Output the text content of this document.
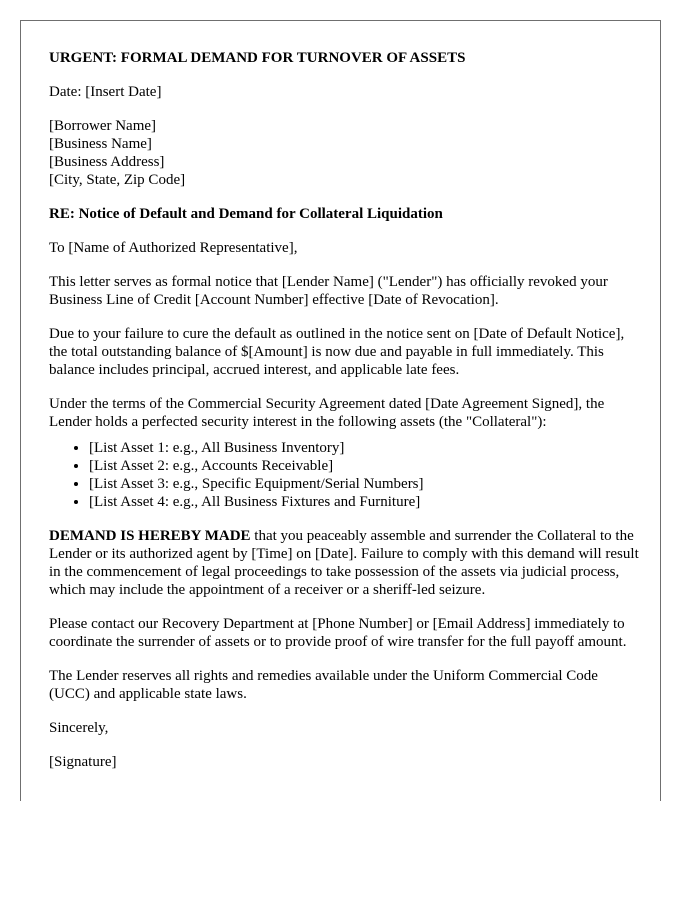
URGENT: FORMAL DEMAND FOR TURNOVER OF ASSETS

Date: [Insert Date]

[Borrower Name]
[Business Name]
[Business Address]
[City, State, Zip Code]

RE: Notice of Default and Demand for Collateral Liquidation

To [Name of Authorized Representative],

This letter serves as formal notice that [Lender Name] ("Lender") has officially revoked your Business Line of Credit [Account Number] effective [Date of Revocation].

Due to your failure to cure the default as outlined in the notice sent on [Date of Default Notice], the total outstanding balance of $[Amount] is now due and payable in full immediately. This balance includes principal, accrued interest, and applicable late fees.

Under the terms of the Commercial Security Agreement dated [Date Agreement Signed], the Lender holds a perfected security interest in the following assets (the "Collateral"):

• [List Asset 1: e.g., All Business Inventory]
• [List Asset 2: e.g., Accounts Receivable]
• [List Asset 3: e.g., Specific Equipment/Serial Numbers]
• [List Asset 4: e.g., All Business Fixtures and Furniture]

DEMAND IS HEREBY MADE that you peaceably assemble and surrender the Collateral to the Lender or its authorized agent by [Time] on [Date]. Failure to comply with this demand will result in the commencement of legal proceedings to take possession of the assets via judicial process, which may include the appointment of a receiver or a sheriff-led seizure.

Please contact our Recovery Department at [Phone Number] or [Email Address] immediately to coordinate the surrender of assets or to provide proof of wire transfer for the full payoff amount.

The Lender reserves all rights and remedies available under the Uniform Commercial Code (UCC) and applicable state laws.

Sincerely,

[Signature]
